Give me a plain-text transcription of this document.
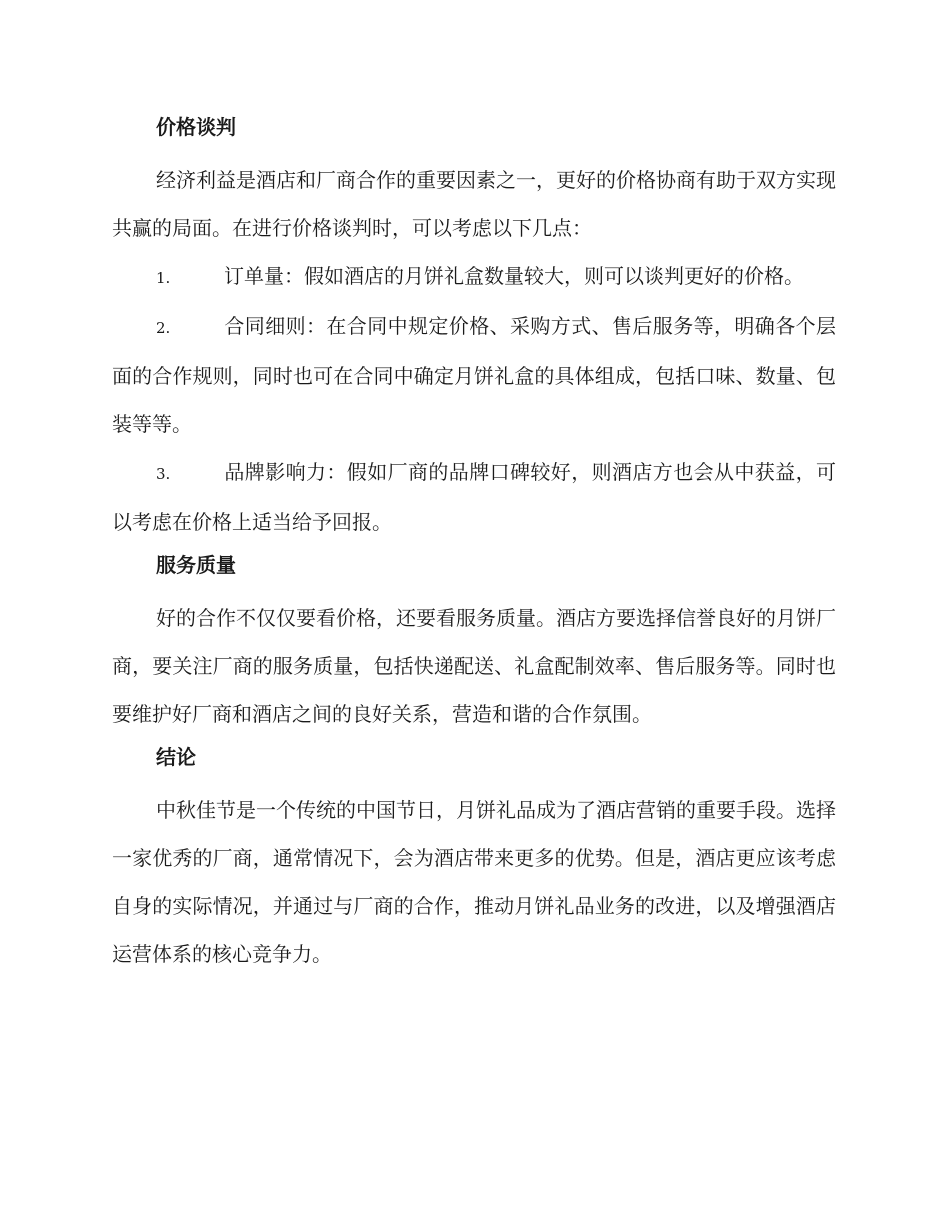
价格谈判

经济利益是酒店和厂商合作的重要因素之一，更好的价格协商有助于双方实现共赢的局面。在进行价格谈判时，可以考虑以下几点：

1.	订单量：假如酒店的月饼礼盒数量较大，则可以谈判更好的价格。

2.	合同细则：在合同中规定价格、采购方式、售后服务等，明确各个层面的合作规则，同时也可在合同中确定月饼礼盒的具体组成，包括口味、数量、包装等等。

3.	品牌影响力：假如厂商的品牌口碑较好，则酒店方也会从中获益，可以考虑在价格上适当给予回报。

服务质量

好的合作不仅仅要看价格，还要看服务质量。酒店方要选择信誉良好的月饼厂商，要关注厂商的服务质量，包括快递配送、礼盒配制效率、售后服务等。同时也要维护好厂商和酒店之间的良好关系，营造和谐的合作氛围。

结论

中秋佳节是一个传统的中国节日，月饼礼品成为了酒店营销的重要手段。选择一家优秀的厂商，通常情况下，会为酒店带来更多的优势。但是，酒店更应该考虑自身的实际情况，并通过与厂商的合作，推动月饼礼品业务的改进，以及增强酒店运营体系的核心竞争力。
